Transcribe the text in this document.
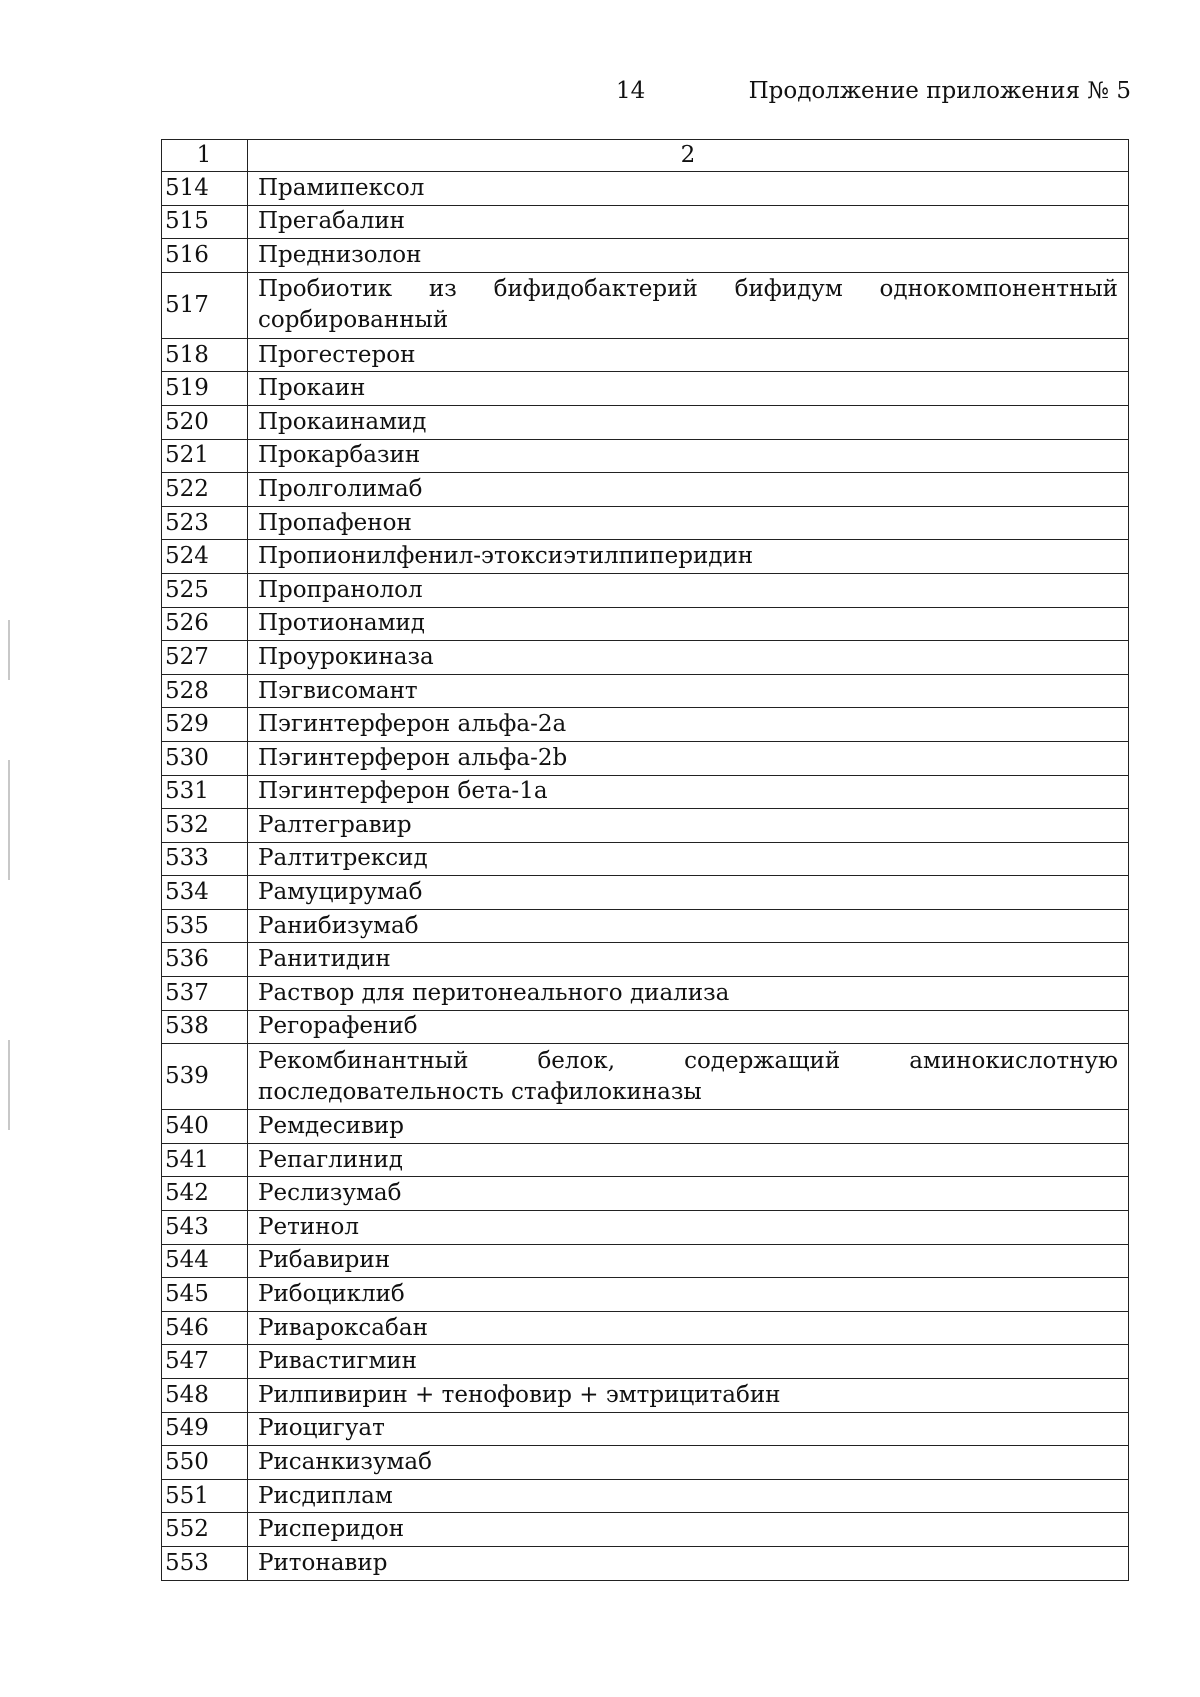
14	Продолжение приложения № 5
1	2
514	Прамипексол
515	Прегабалин
516	Преднизолон
517	Пробиотик из бифидобактерий бифидум однокомпонентный сорбированный
518	Прогестерон
519	Прокаин
520	Прокаинамид
521	Прокарбазин
522	Пролголимаб
523	Пропафенон
524	Пропионилфенил-этоксиэтилпиперидин
525	Пропранолол
526	Протионамид
527	Проурокиназа
528	Пэгвисомант
529	Пэгинтерферон альфа-2a
530	Пэгинтерферон альфа-2b
531	Пэгинтерферон бета-1a
532	Ралтегравир
533	Ралтитрексид
534	Рамуцирумаб
535	Ранибизумаб
536	Ранитидин
537	Раствор для перитонеального диализа
538	Регорафениб
539	Рекомбинантный белок, содержащий аминокислотную последовательность стафилокиназы
540	Ремдесивир
541	Репаглинид
542	Реслизумаб
543	Ретинол
544	Рибавирин
545	Рибоциклиб
546	Ривароксабан
547	Ривастигмин
548	Рилпивирин + тенофовир + эмтрицитабин
549	Риоцигуат
550	Рисанкизумаб
551	Рисдиплам
552	Рисперидон
553	Ритонавир
